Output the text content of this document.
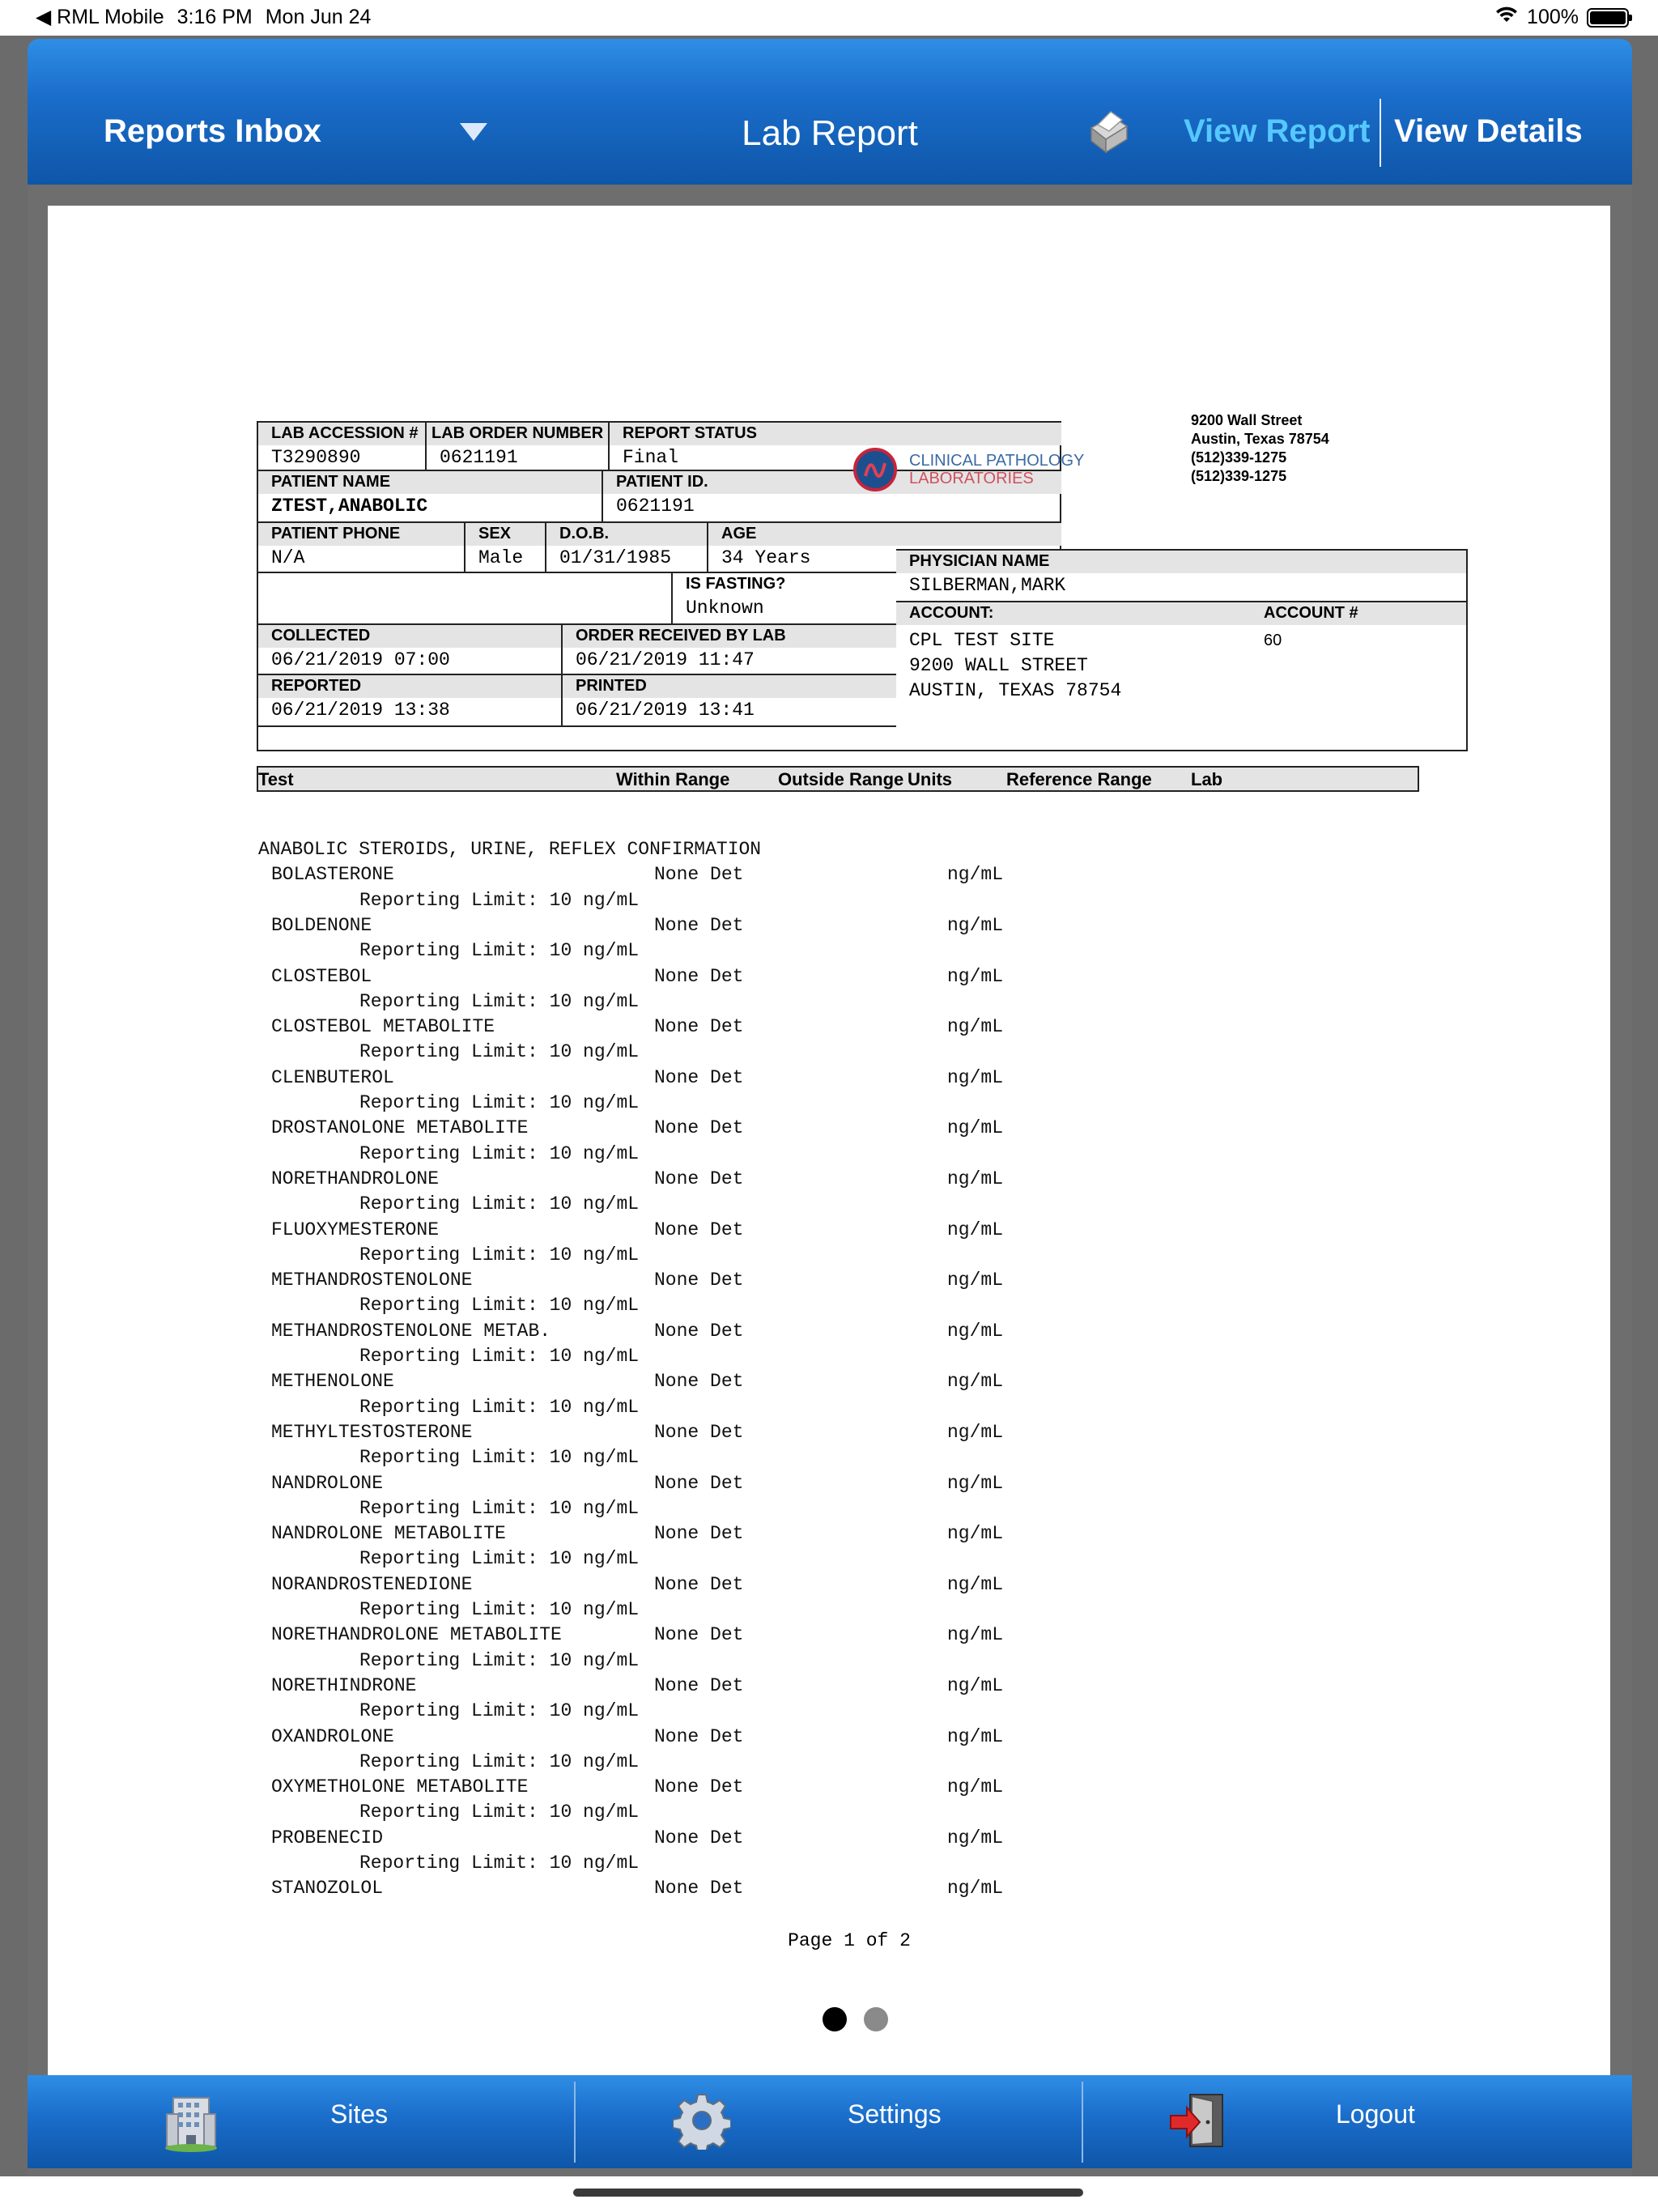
◀ RML Mobile 3:16 PM Mon Jun 24	100%
Reports Inbox	Lab Report	View Report View Details
LAB ACCESSION #
T3290890
LAB ORDER NUMBER
0621191
REPORT STATUS
Final
PATIENT NAME
ZTEST,ANABOLIC
PATIENT ID.
0621191
PATIENT PHONE
N/A
SEX
Male
D.O.B.
01/31/1985
AGE
34 Years
IS FASTING?
Unknown
COLLECTED
06/21/2019 07:00
ORDER RECEIVED BY LAB
06/21/2019 11:47
REPORTED
06/21/2019 13:38
PRINTED
06/21/2019 13:41
CLINICAL PATHOLOGY
LABORATORIES
9200 Wall Street
Austin, Texas 78754
(512)339-1275
(512)339-1275
PHYSICIAN NAME
SILBERMAN,MARK
ACCOUNT:	ACCOUNT #
CPL TEST SITE
9200 WALL STREET
AUSTIN, TEXAS 78754
60
Test	Within Range	Outside Range Units	Reference Range Lab
ANABOLIC STEROIDS, URINE, REFLEX CONFIRMATION
BOLASTERONE	None Det	ng/mL
Reporting Limit: 10 ng/mL
BOLDENONE	None Det	ng/mL
Reporting Limit: 10 ng/mL
CLOSTEBOL	None Det	ng/mL
Reporting Limit: 10 ng/mL
CLOSTEBOL METABOLITE	None Det	ng/mL
Reporting Limit: 10 ng/mL
CLENBUTEROL	None Det	ng/mL
Reporting Limit: 10 ng/mL
DROSTANOLONE METABOLITE	None Det	ng/mL
Reporting Limit: 10 ng/mL
NORETHANDROLONE	None Det	ng/mL
Reporting Limit: 10 ng/mL
FLUOXYMESTERONE	None Det	ng/mL
Reporting Limit: 10 ng/mL
METHANDROSTENOLONE	None Det	ng/mL
Reporting Limit: 10 ng/mL
METHANDROSTENOLONE METAB.	None Det	ng/mL
Reporting Limit: 10 ng/mL
METHENOLONE	None Det	ng/mL
Reporting Limit: 10 ng/mL
METHYLTESTOSTERONE	None Det	ng/mL
Reporting Limit: 10 ng/mL
NANDROLONE	None Det	ng/mL
Reporting Limit: 10 ng/mL
NANDROLONE METABOLITE	None Det	ng/mL
Reporting Limit: 10 ng/mL
NORANDROSTENEDIONE	None Det	ng/mL
Reporting Limit: 10 ng/mL
NORETHANDROLONE METABOLITE	None Det	ng/mL
Reporting Limit: 10 ng/mL
NORETHINDRONE	None Det	ng/mL
Reporting Limit: 10 ng/mL
OXANDROLONE	None Det	ng/mL
Reporting Limit: 10 ng/mL
OXYMETHOLONE METABOLITE	None Det	ng/mL
Reporting Limit: 10 ng/mL
PROBENECID	None Det	ng/mL
Reporting Limit: 10 ng/mL
STANOZOLOL	None Det	ng/mL
Page 1 of 2
Sites	Settings	Logout
